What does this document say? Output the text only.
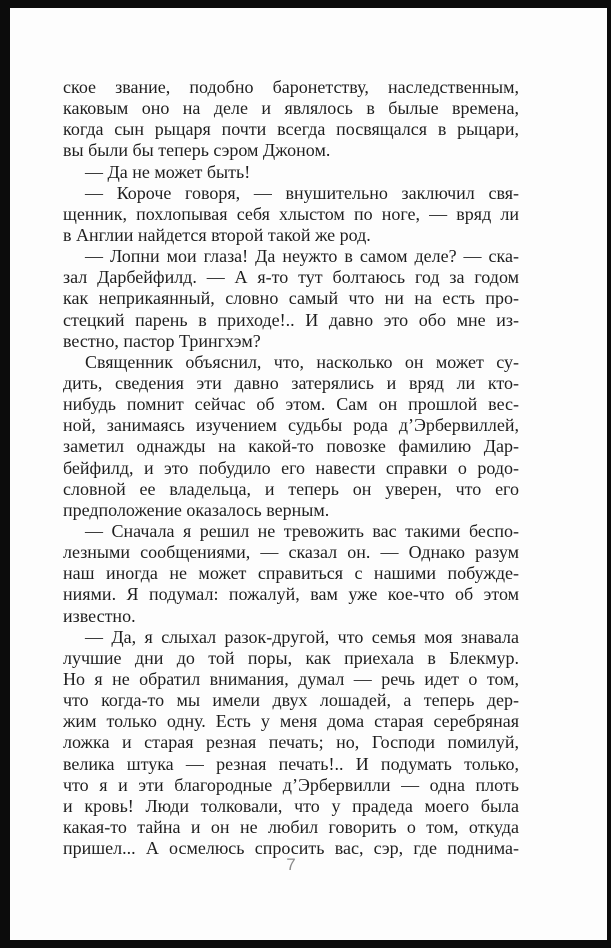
ское звание, подобно баронетству, наследственным,
каковым оно на деле и являлось в былые времена,
когда сын рыцаря почти всегда посвящался в рыцари,
вы были бы теперь сэром Джоном.
— Да не может быть!
— Короче говоря, — внушительно заключил свя-
щенник, похлопывая себя хлыстом по ноге, — вряд ли
в Англии найдется второй такой же род.
— Лопни мои глаза! Да неужто в самом деле? — ска-
зал Дарбейфилд. — А я-то тут болтаюсь год за годом
как неприкаянный, словно самый что ни на есть про-
стецкий парень в приходе!.. И давно это обо мне из-
вестно, пастор Трингхэм?
Священник объяснил, что, насколько он может су-
дить, сведения эти давно затерялись и вряд ли кто-
нибудь помнит сейчас об этом. Сам он прошлой вес-
ной, занимаясь изучением судьбы рода д’Эрбервиллей,
заметил однажды на какой-то повозке фамилию Дар-
бейфилд, и это побудило его навести справки о родо-
словной ее владельца, и теперь он уверен, что его
предположение оказалось верным.
— Сначала я решил не тревожить вас такими беспо-
лезными сообщениями, — сказал он. — Однако разум
наш иногда не может справиться с нашими побужде-
ниями. Я подумал: пожалуй, вам уже кое-что об этом
известно.
— Да, я слыхал разок-другой, что семья моя знавала
лучшие дни до той поры, как приехала в Блекмур.
Но я не обратил внимания, думал — речь идет о том,
что когда-то мы имели двух лошадей, а теперь дер-
жим только одну. Есть у меня дома старая серебряная
ложка и старая резная печать; но, Господи помилуй,
велика штука — резная печать!.. И подумать только,
что я и эти благородные д’Эрбервилли — одна плоть
и кровь! Люди толковали, что у прадеда моего была
какая-то тайна и он не любил говорить о том, откуда
пришел... А осмелюсь спросить вас, сэр, где поднима-
7
